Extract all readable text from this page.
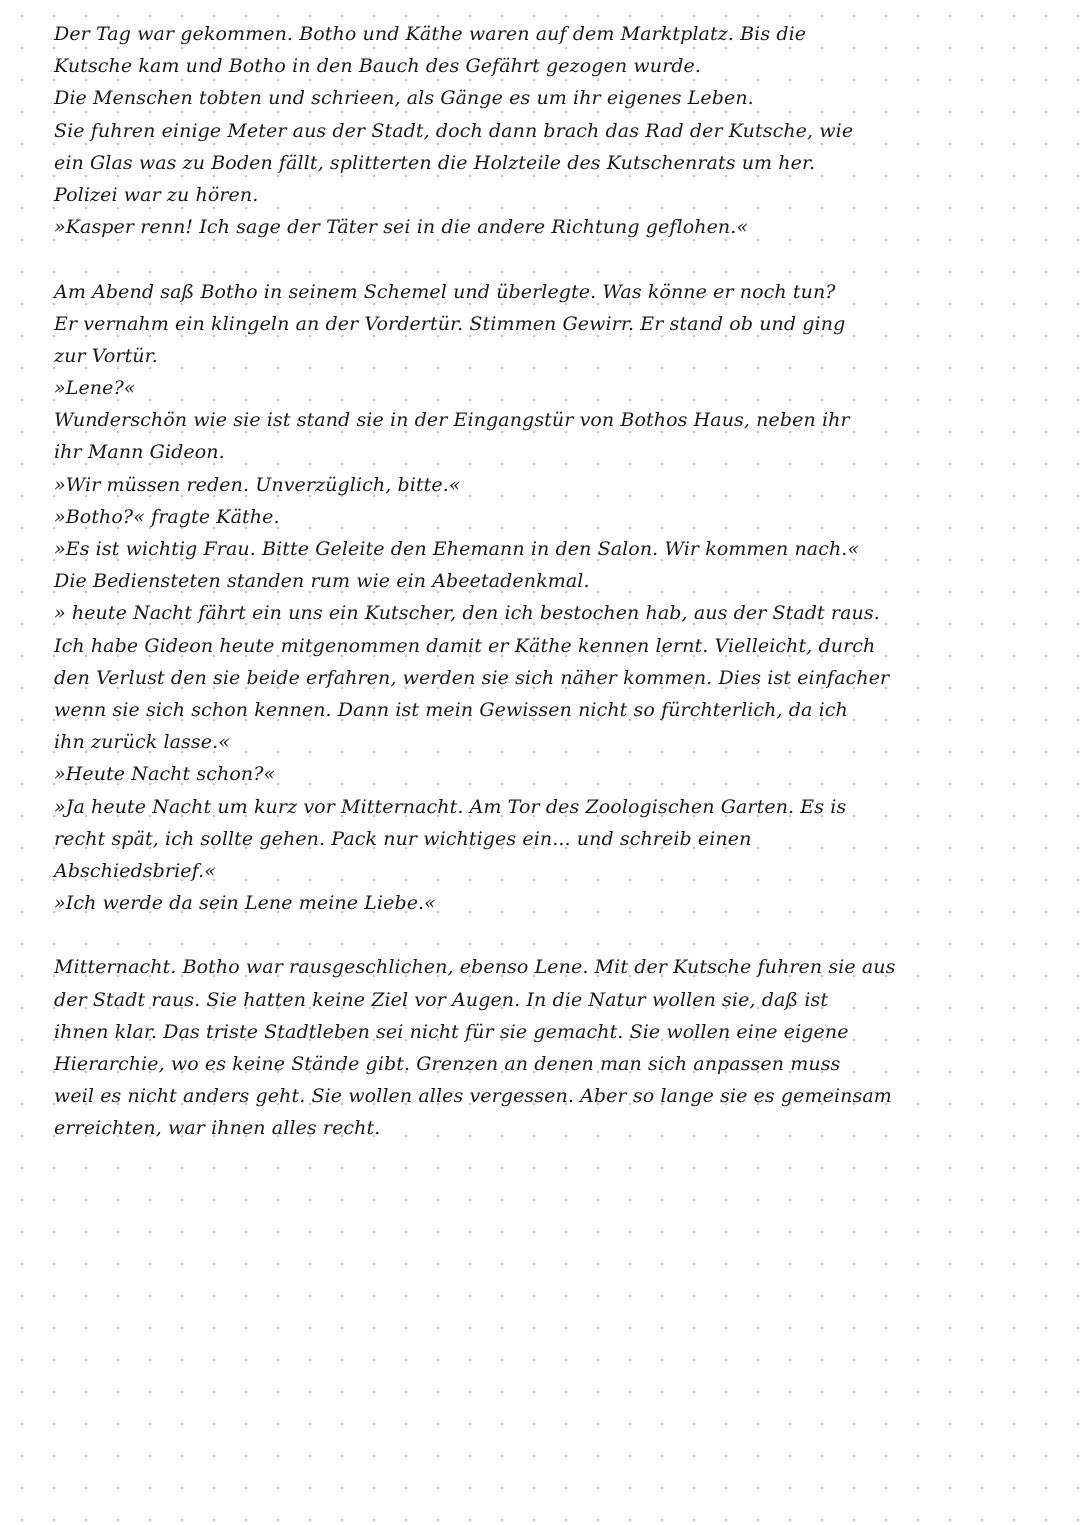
Der Tag war gekommen. Botho und Käthe waren auf dem Marktplatz. Bis die
Kutsche kam und Botho in den Bauch des Gefährt gezogen wurde.
Die Menschen tobten und schrieen, als Gänge es um ihr eigenes Leben.
Sie fuhren einige Meter aus der Stadt, doch dann brach das Rad der Kutsche, wie
ein Glas was zu Boden fällt, splitterten die Holzteile des Kutschenrats um her.
Polizei war zu hören.
»Kasper renn! Ich sage der Täter sei in die andere Richtung geflohen.«
Am Abend saß Botho in seinem Schemel und überlegte. Was könne er noch tun?
Er vernahm ein klingeln an der Vordertür. Stimmen Gewirr. Er stand ob und ging
zur Vortür.
»Lene?«
Wunderschön wie sie ist stand sie in der Eingangstür von Bothos Haus, neben ihr
ihr Mann Gideon.
»Wir müssen reden. Unverzüglich, bitte.«
»Botho?« fragte Käthe.
»Es ist wichtig Frau. Bitte Geleite den Ehemann in den Salon. Wir kommen nach.«
Die Bediensteten standen rum wie ein Abeetadenkmal.
» heute Nacht fährt ein uns ein Kutscher, den ich bestochen hab, aus der Stadt raus.
Ich habe Gideon heute mitgenommen damit er Käthe kennen lernt. Vielleicht, durch
den Verlust den sie beide erfahren, werden sie sich näher kommen. Dies ist einfacher
wenn sie sich schon kennen. Dann ist mein Gewissen nicht so fürchterlich, da ich
ihn zurück lasse.«
»Heute Nacht schon?«
»Ja heute Nacht um kurz vor Mitternacht. Am Tor des Zoologischen Garten. Es is
recht spät, ich sollte gehen. Pack nur wichtiges ein... und schreib einen
Abschiedsbrief.«
»Ich werde da sein Lene meine Liebe.«
Mitternacht. Botho war rausgeschlichen, ebenso Lene. Mit der Kutsche fuhren sie aus
der Stadt raus. Sie hatten keine Ziel vor Augen. In die Natur wollen sie, daß ist
ihnen klar. Das triste Stadtleben sei nicht für sie gemacht. Sie wollen eine eigene
Hierarchie, wo es keine Stände gibt. Grenzen an denen man sich anpassen muss
weil es nicht anders geht. Sie wollen alles vergessen. Aber so lange sie es gemeinsam
erreichten, war ihnen alles recht.
